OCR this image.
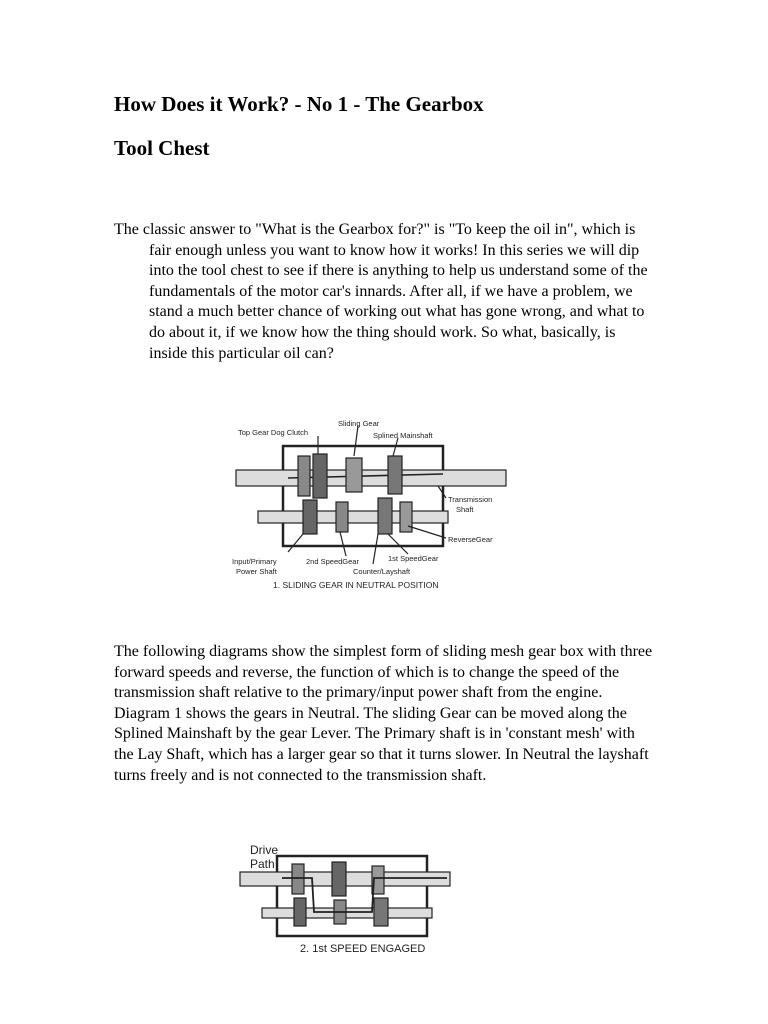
How Does it Work? - No 1 - The Gearbox
Tool Chest

The classic answer to "What is the Gearbox for?" is "To keep the oil in", which is fair enough unless you want to know how it works! In this series we will dip into the tool chest to see if there is anything to help us understand some of the fundamentals of the motor car's innards. After all, if we have a problem, we stand a much better chance of working out what has gone wrong, and what to do about it, if we know how the thing should work. So what, basically, is inside this particular oil can?

Sliding Gear
Top Gear Dog Clutch	Splined Mainshaft
Transmission
Shaft
ReverseGear
Input/Primary
Power Shaft
2nd SpeedGear	1st SpeedGear
Counter/Layshaft
1. SLIDING GEAR IN NEUTRAL POSITION

The following diagrams show the simplest form of sliding mesh gear box with three forward speeds and reverse, the function of which is to change the speed of the transmission shaft relative to the primary/input power shaft from the engine. Diagram 1 shows the gears in Neutral. The sliding Gear can be moved along the Splined Mainshaft by the gear Lever. The Primary shaft is in 'constant mesh' with the Lay Shaft, which has a larger gear so that it turns slower. In Neutral the layshaft turns freely and is not connected to the transmission shaft.

Drive
Path
2. 1st SPEED ENGAGED
